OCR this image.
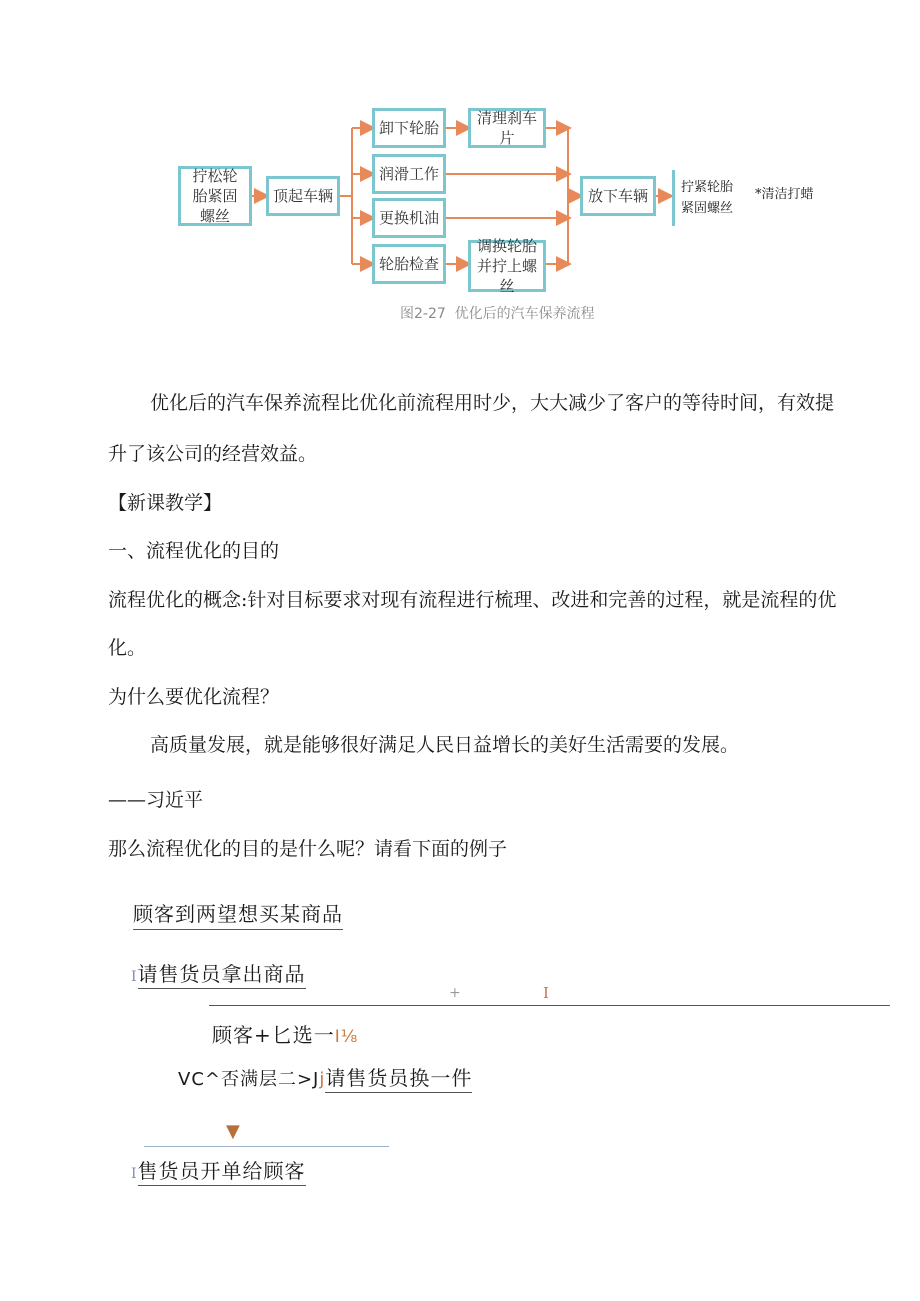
拧松轮胎紧固螺丝
顶起车辆
卸下轮胎
清理刹车片
润滑工作
更换机油
轮胎检查
调换轮胎并拧上螺丝
放下车辆	拧紧轮胎紧固螺丝
*清洁打蜡
图2-27  优化后的汽车保养流程
优化后的汽车保养流程比优化前流程用时少，大大减少了客户的等待时间，有效提
升了该公司的经营效益。
【新课教学】
一、流程优化的目的
流程优化的概念:针对目标要求对现有流程进行梳理、改进和完善的过程，就是流程的优
化。
为什么要优化流程？
高质量发展，就是能够很好满足人民日益增长的美好生活需要的发展。
——习近平
那么流程优化的目的是什么呢？请看下面的例子
顾客到两望想买某商品
I请售货员拿出商品
+	I
顾客+匕选一I⅛
VC^否满层二>Jj请售货员换一件
▼
I售货员开单给顾客
